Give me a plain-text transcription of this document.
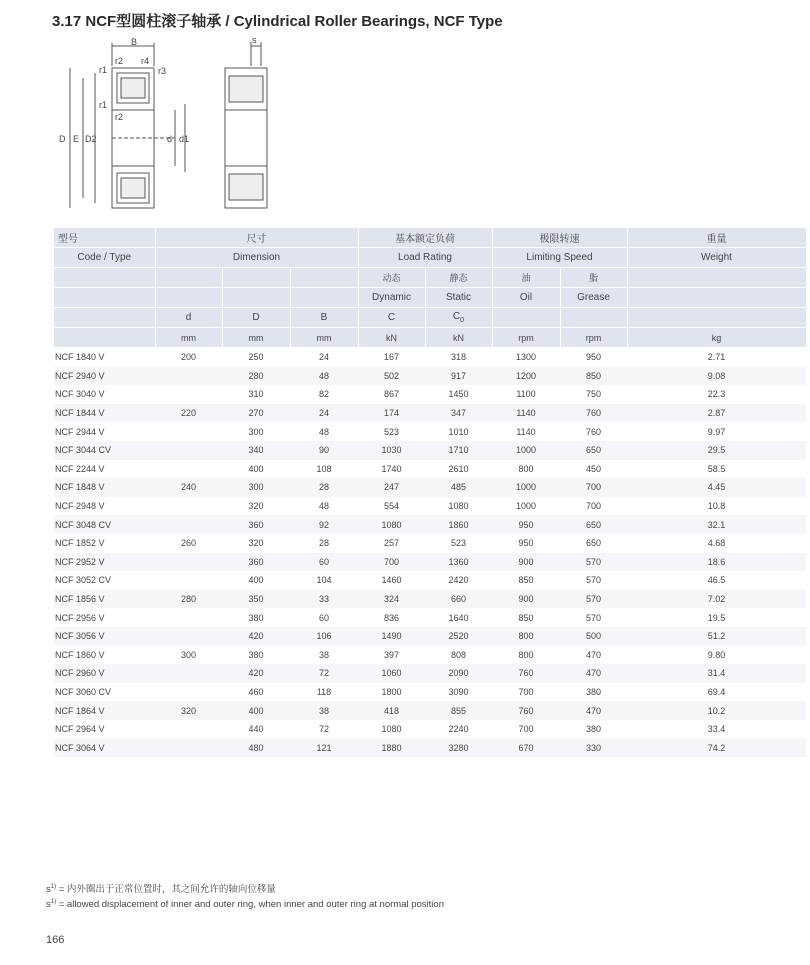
3.17 NCF型圆柱滚子轴承 / Cylindrical Roller Bearings, NCF Type
B
r1
r2 r4
r3
r1
r2
D E D2	d d1
s
型号	尺寸			基本额定负荷		极限转速		重量
Code / Type	Dimension			Load Rating		Limiting Speed		Weight
				动态	静态	油	脂	
				Dynamic	Static	Oil	Grease	
	d	D	B	C	$C_0$			
	mm	mm	mm	kN	kN	rpm	rpm	kg
NCF 1840 V	200	250	24	167	318	1300	950	2.71
NCF 2940 V		280	48	502	917	1200	850	9.08
NCF 3040 V		310	82	867	1450	1100	750	22.3
NCF 1844 V	220	270	24	174	347	1140	760	2.87
NCF 2944 V		300	48	523	1010	1140	760	9.97
NCF 3044 CV		340	90	1030	1710	1000	650	29.5
NCF 2244 V		400	108	1740	2610	800	450	58.5
NCF 1848 V	240	300	28	247	485	1000	700	4.45
NCF 2948 V		320	48	554	1080	1000	700	10.8
NCF 3048 CV		360	92	1080	1860	950	650	32.1
NCF 1852 V	260	320	28	257	523	950	650	4.68
NCF 2952 V		360	60	700	1360	900	570	18.6
NCF 3052 CV		400	104	1460	2420	850	570	46.5
NCF 1856 V	280	350	33	324	660	900	570	7.02
NCF 2956 V		380	60	836	1640	850	570	19.5
NCF 3056 V		420	106	1490	2520	800	500	51.2
NCF 1860 V	300	380	38	397	808	800	470	9.80
NCF 2960 V		420	72	1060	2090	760	470	31.4
NCF 3060 CV		460	118	1800	3090	700	380	69.4
NCF 1864 V	320	400	38	418	855	760	470	10.2
NCF 2964 V		440	72	1080	2240	700	380	33.4
NCF 3064 V		480	121	1880	3280	670	330	74.2
$s^{1)}$ = 内外圈出于正常位置时，其之间允许的轴向位移量
$s^{1)}$ = allowed displacement of inner and outer ring, when inner and outer ring at normal position
166
